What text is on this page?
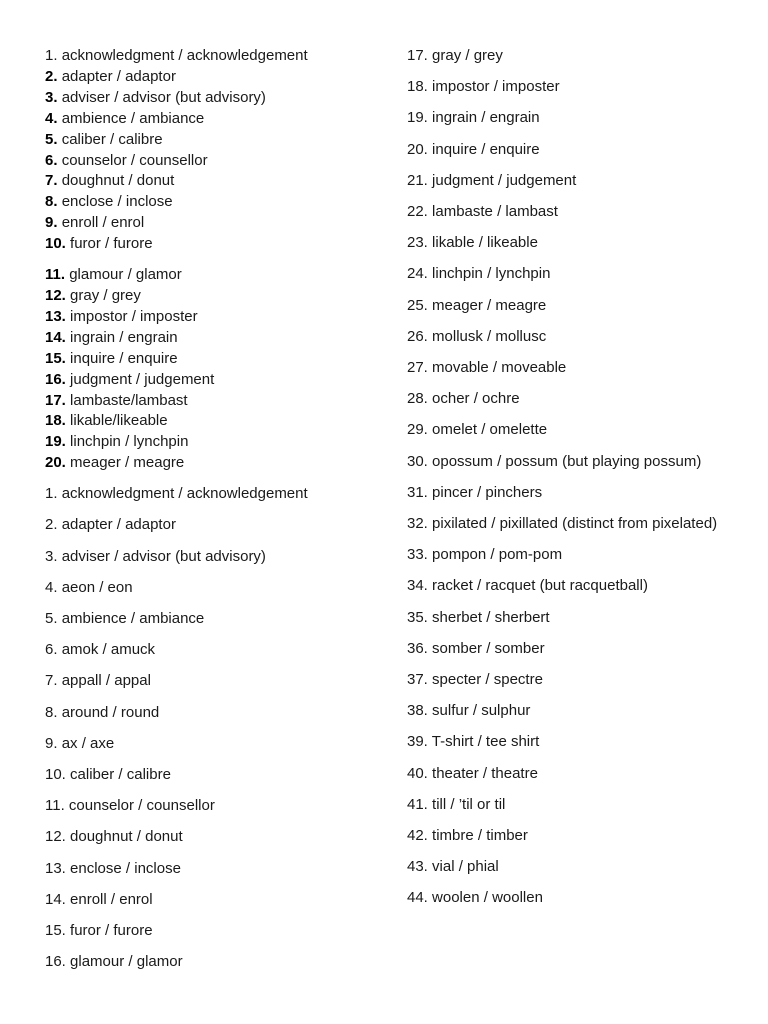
1. acknowledgment / acknowledgement
2. adapter / adaptor
3. adviser / advisor (but advisory)
4. ambience / ambiance
5. caliber / calibre
6. counselor / counsellor
7. doughnut / donut
8. enclose / inclose
9. enroll / enrol
10. furor / furore
11. glamour / glamor
12. gray / grey
13. impostor / imposter
14. ingrain / engrain
15. inquire / enquire
16. judgment / judgement
17. lambaste/lambast
18. likable/likeable
19. linchpin / lynchpin
20. meager / meagre
1. acknowledgment / acknowledgement
2. adapter / adaptor
3. adviser / advisor (but advisory)
4. aeon / eon
5. ambience / ambiance
6. amok / amuck
7. appall / appal
8. around / round
9. ax / axe
10. caliber / calibre
11. counselor / counsellor
12. doughnut / donut
13. enclose / inclose
14. enroll / enrol
15. furor / furore
16. glamour / glamor
17. gray / grey
18. impostor / imposter
19. ingrain / engrain
20. inquire / enquire
21. judgment / judgement
22. lambaste / lambast
23. likable / likeable
24. linchpin / lynchpin
25. meager / meagre
26. mollusk / mollusc
27. movable / moveable
28. ocher / ochre
29. omelet / omelette
30. opossum / possum (but playing possum)
31. pincer / pinchers
32. pixilated / pixillated (distinct from pixelated)
33. pompon / pom-pom
34. racket / racquet (but racquetball)
35. sherbet / sherbert
36. somber / somber
37. specter / spectre
38. sulfur / sulphur
39. T-shirt / tee shirt
40. theater / theatre
41. till / ’til or til
42. timbre / timber
43. vial / phial
44. woolen / woollen
